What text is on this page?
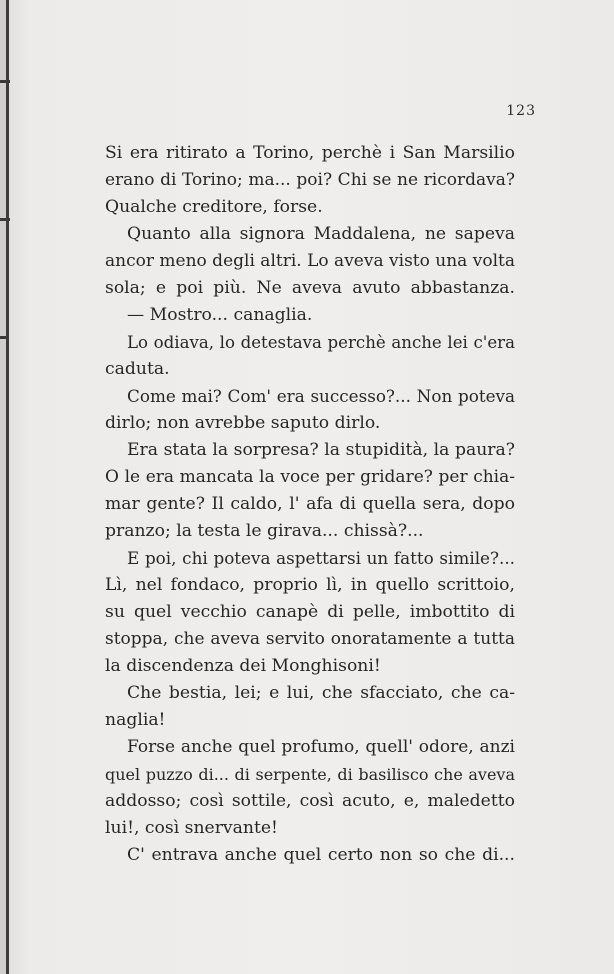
123
Si era ritirato a Torino, perchè i San Marsilio
erano di Torino; ma... poi? Chi se ne ricordava?
Qualche creditore, forse.
Quanto alla signora Maddalena, ne sapeva
ancor meno degli altri. Lo aveva visto una volta
sola; e poi più. Ne aveva avuto abbastanza.
— Mostro... canaglia.
Lo odiava, lo detestava perchè anche lei c'era
caduta.
Come mai? Com' era successo?... Non poteva
dirlo; non avrebbe saputo dirlo.
Era stata la sorpresa? la stupidità, la paura?
O le era mancata la voce per gridare? per chia-
mar gente? Il caldo, l' afa di quella sera, dopo
pranzo; la testa le girava... chissà?...
E poi, chi poteva aspettarsi un fatto simile?...
Lì, nel fondaco, proprio lì, in quello scrittoio,
su quel vecchio canapè di pelle, imbottito di
stoppa, che aveva servito onoratamente a tutta
la discendenza dei Monghisoni!
Che bestia, lei; e lui, che sfacciato, che ca-
naglia!
Forse anche quel profumo, quell' odore, anzi
quel puzzo di... di serpente, di basilisco che aveva
addosso; così sottile, così acuto, e, maledetto
lui!, così snervante!
C' entrava anche quel certo non so che di...
